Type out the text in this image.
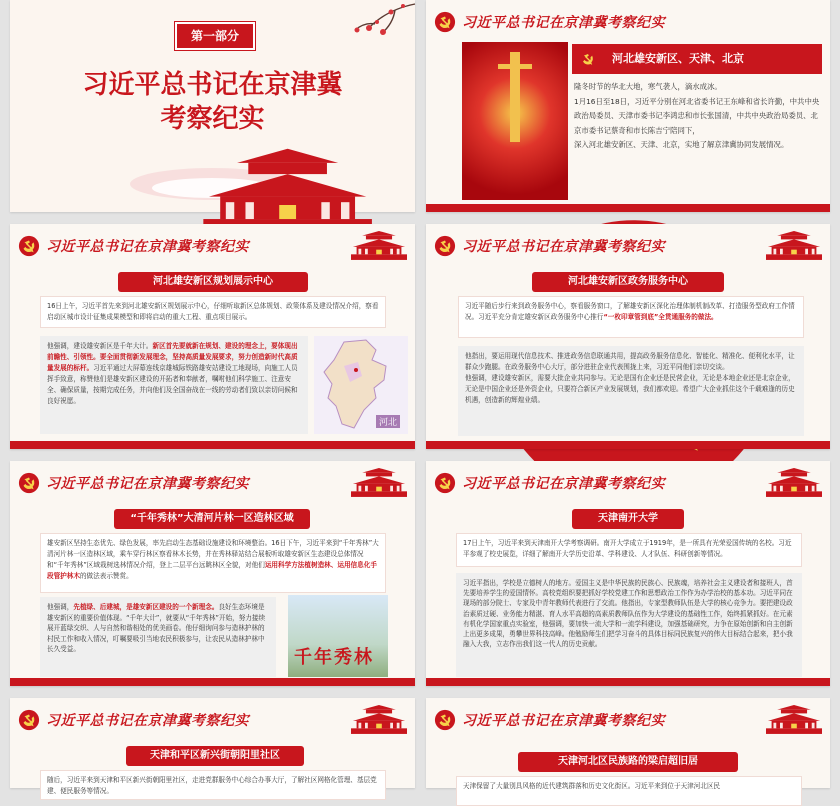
第一部分
习近平总书记在京津冀
考察纪实
习近平总书记在京津冀考察纪实
河北雄安新区、天津、北京
隆冬时节的华北大地，寒气袭人，滴水成冰。
1月16日至18日，习近平分别在河北省委书记王东峰和省长许勤，中共中央政治局委员、天津市委书记李鸿忠和市长张国清，中共中央政治局委员、北京市委书记蔡奇和市长陈吉宁陪同下，
深入河北雄安新区、天津、北京，实地了解京津冀协同发展情况。
习近平总书记在京津冀考察纪实
河北雄安新区规划展示中心
16日上午，习近平首先来到河北雄安新区规划展示中心，仔细听取新区总体规划、政策体系及建设情况介绍，察看启动区城市设计征集成果模型和即将启动的重大工程、重点项目展示。
他强调，建设雄安新区是千年大计。新区首先要就新在规划、建设的理念上，要体现出前瞻性、引领性。要全面贯彻新发展理念，坚持高质量发展要求，努力创造新时代高质量发展的标杆。习近平通过大屏幕连线京雄城际铁路雄安站建设工地现场，向施工人员挥手致意，称赞他们是雄安新区建设的开拓者和奉献者，嘱咐他们科学施工、注意安全、确保质量，按期完成任务，并向他们及全国奋战在一线的劳动者们致以亲切问候和良好祝愿。
河北
习近平总书记在京津冀考察纪实
河北雄安新区政务服务中心
习近平随后步行来到政务服务中心，察看服务窗口，了解雄安新区深化治理体制机制改革、打造服务型政府工作情况。习近平充分肯定雄安新区政务服务中心推行“一枚印章管到底”全贯通服务的做法。
他指出，要运用现代信息技术、推进政务信息联通共用，提高政务服务信息化、智能化、精准化、便利化水平，让群众少跑腿。在政务服务中心大厅，部分进驻企业代表围拢上来，习近平同他们亲切交谈。
他强调，建设雄安新区，需要大批企业共同参与。无论是国有企业还是民营企业，无论是本地企业还是北京企业，无论是中国企业还是外资企业，只要符合新区产业发展规划，我们都欢迎。希望广大企业抓住这个千载难逢的历史机遇，创造新的辉煌业绩。
习近平总书记在京津冀考察纪实
“千年秀林”大清河片林一区造林区域
雄安新区坚持生态优先、绿色发展，率先启动生态基础设施建设和环境整治。16日下午，习近平来到“千年秀林”大清河片林一区造林区域，乘车穿行林区察看林木长势，并在秀林驿站结合展板听取雄安新区生态建设总体情况和“千年秀林”区域栽树选林情况介绍，登上二层平台远眺林区全貌，对他们运用科学方法植树造林、运用信息化手段管护林木的做法表示赞赏。
他强调，先植绿、后建城，是雄安新区建设的一个新理念。良好生态环境是雄安新区的重要价值体现。“千年大计”，就要从“千年秀林”开始，努力接续展开蓝绿交织、人与自然和谐相处的优美画卷。他仔细询问参与造林护林的村民工作和收入情况，叮嘱要吸引当地农民积极参与，让农民从造林护林中长久受益。	千年秀林
习近平总书记在京津冀考察纪实
天津南开大学
17日上午，习近平来到天津南开大学考察调研。南开大学成立于1919年，是一所具有光荣爱国传统的名校。习近平参观了校史展览，详细了解南开大学历史沿革、学科建设、人才队伍、科研创新等情况。
习近平指出，学校是立德树人的地方。爱国主义是中华民族的民族心、民族魂，培养社会主义建设者和接班人，首先要培养学生的爱国情怀。高校党组织要把抓好学校党建工作和思想政治工作作为办学治校的基本功。习近平同在现场的部分院士、专家及中青年教师代表进行了交流。他指出，专家型教师队伍是大学的核心竞争力。要把建设政治素质过硬、业务能力精湛、育人水平高超的高素质教师队伍作为大学建设的基础性工作，始终抓紧抓好。在元素有机化学国家重点实验室，他强调，要加快一流大学和一流学科建设，加强基础研究，力争在原始创新和自主创新上出更多成果，勇攀世界科技高峰。他勉励师生们把学习奋斗的具体目标同民族复兴的伟大目标结合起来，把小我融入大我，立志作出我们这一代人的历史贡献。
习近平总书记在京津冀考察纪实
天津和平区新兴街朝阳里社区
随后，习近平来到天津和平区新兴街朝阳里社区，走进党群服务中心综合办事大厅，了解社区网格化管理、基层党建、便民服务等情况。
习近平总书记在京津冀考察纪实
天津河北区民族路的梁启超旧居
天津保留了大量别具风格的近代建筑群落和历史文化街区。习近平来到位于天津河北区民
